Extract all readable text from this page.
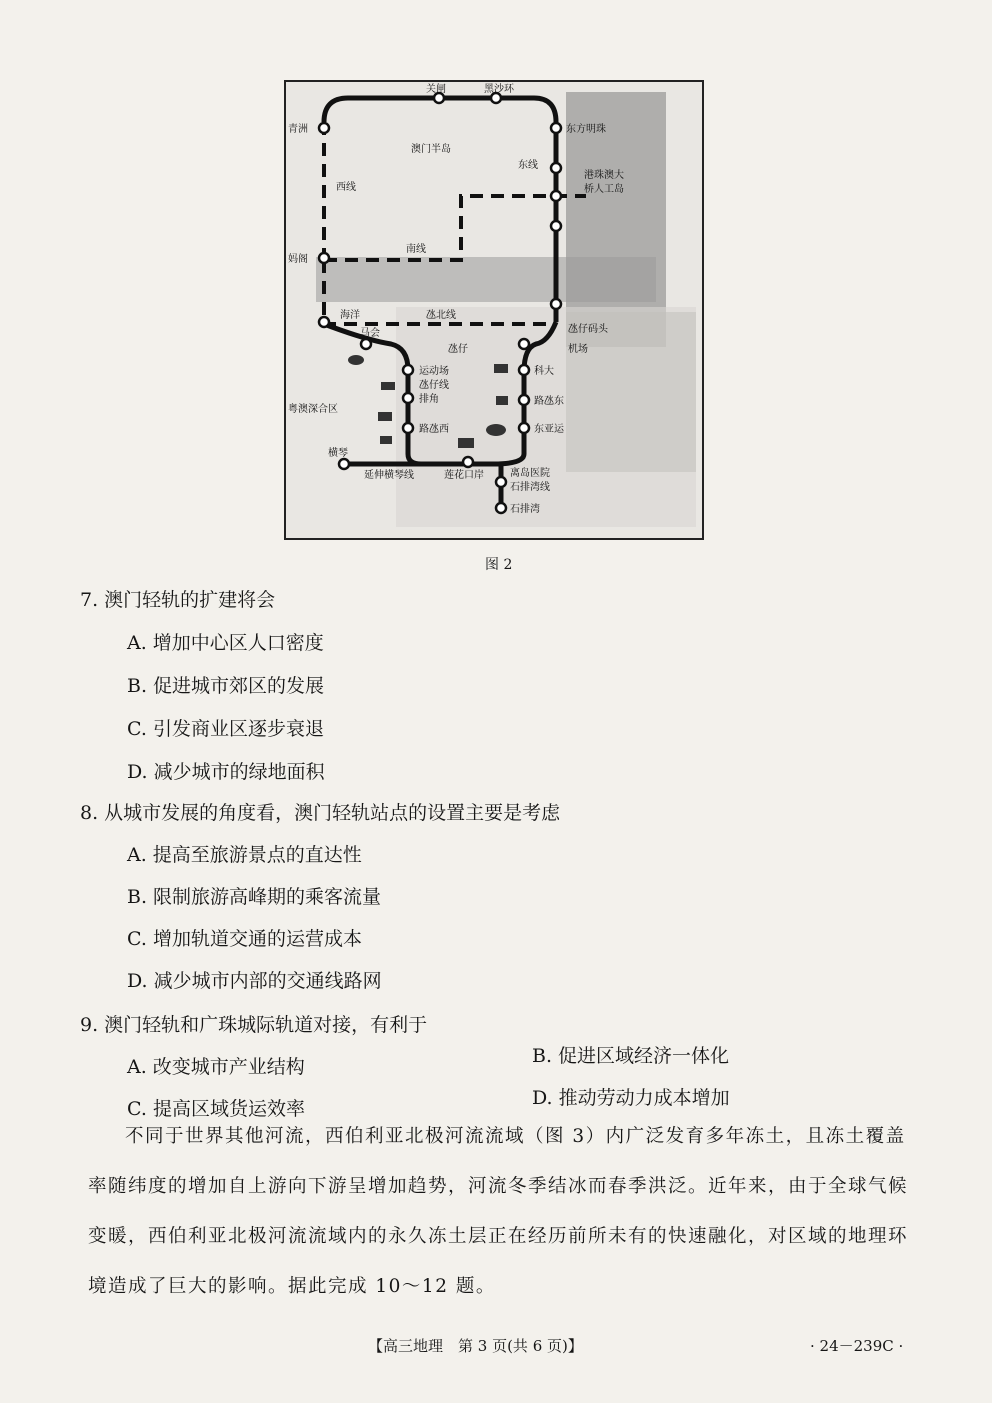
关闸	黑沙环
青洲	东方明珠
澳门半岛
东线
港珠澳大
桥人工岛
西线
南线
妈阁
海洋	氹北线
氹仔码头
马会
氹仔	机场
运动场
氹仔线
科大
粤澳深合区
排角	路氹东
路氹西	东亚运
横琴
延伸横琴线	莲花口岸	离岛医院
石排湾线
石排湾
图 2
7. 澳门轻轨的扩建将会
A. 增加中心区人口密度
B. 促进城市郊区的发展
C. 引发商业区逐步衰退
D. 减少城市的绿地面积
8. 从城市发展的角度看，澳门轻轨站点的设置主要是考虑
A. 提高至旅游景点的直达性
B. 限制旅游高峰期的乘客流量
C. 增加轨道交通的运营成本
D. 减少城市内部的交通线路网
9. 澳门轻轨和广珠城际轨道对接，有利于
A. 改变城市产业结构	B. 促进区域经济一体化
C. 提高区域货运效率	D. 推动劳动力成本增加
不同于世界其他河流，西伯利亚北极河流流域（图 3）内广泛发育多年冻土，且冻土覆盖率随纬度的增加自上游向下游呈增加趋势，河流冬季结冰而春季洪泛。近年来，由于全球气候变暖，西伯利亚北极河流流域内的永久冻土层正在经历前所未有的快速融化，对区域的地理环境造成了巨大的影响。据此完成 10～12 题。
【高三地理　第 3 页(共 6 页)】	· 24－239C ·
